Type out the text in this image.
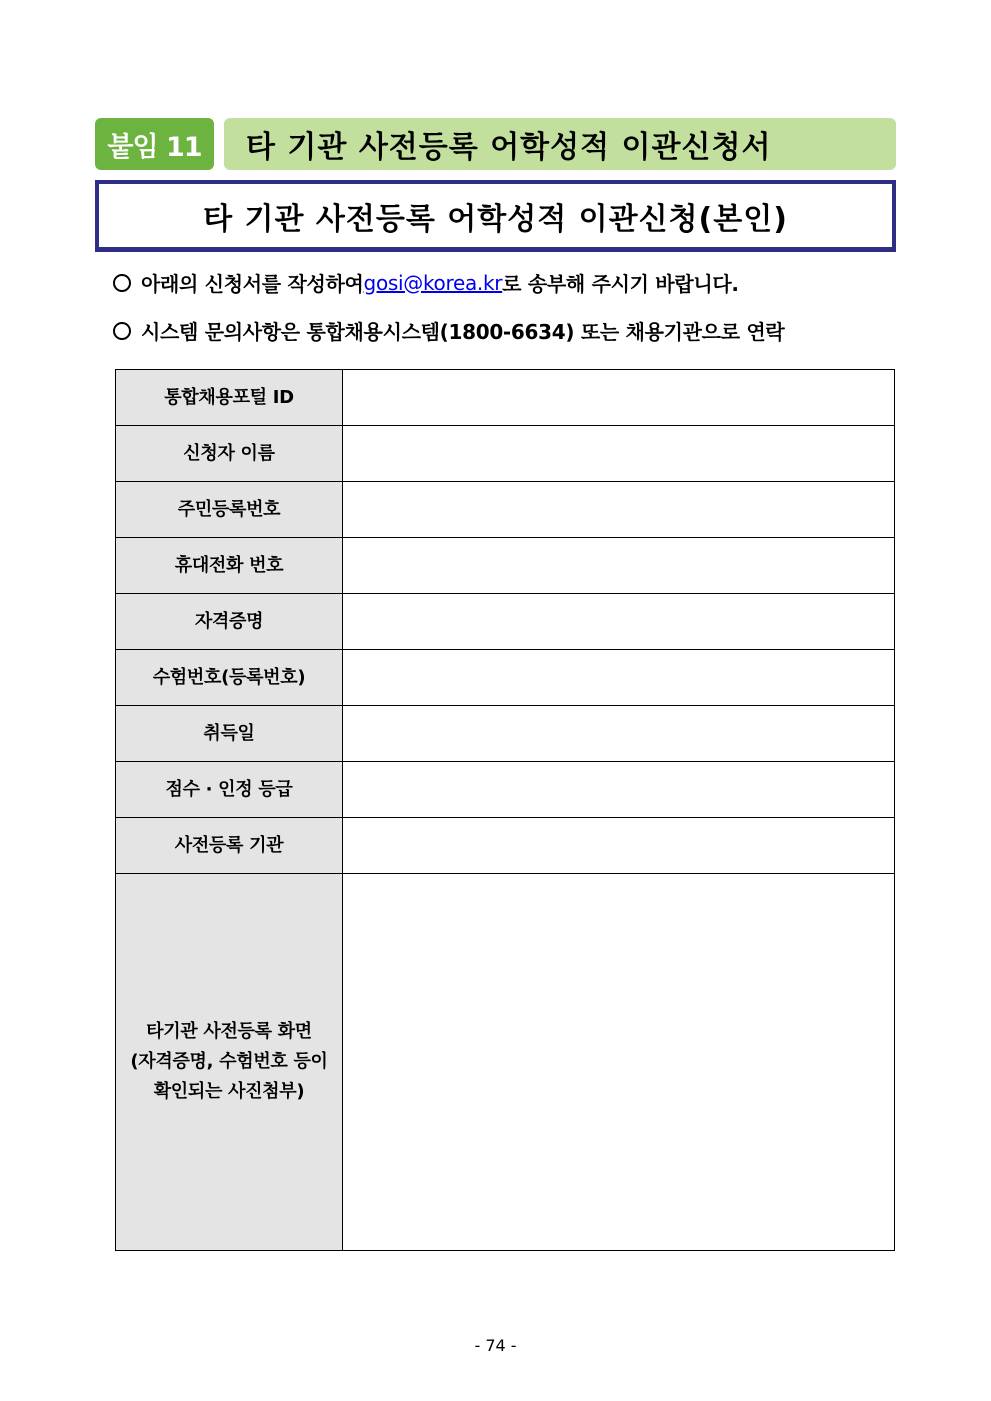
붙임 11	타 기관 사전등록 어학성적 이관신청서
타 기관 사전등록 어학성적 이관신청(본인)
아래의 신청서를 작성하여 gosi@korea.kr 로 송부해 주시기 바랍니다.
시스템 문의사항은 통합채용시스템(1800-6634) 또는 채용기관으로 연락
통합채용포털 ID	
신청자 이름	
주민등록번호	
휴대전화 번호	
자격증명	
수험번호(등록번호)	
취득일	
점수 · 인정 등급	
사전등록 기관	

타기관 사전등록 화면
(자격증명, 수험번호 등이
확인되는 사진첨부)	

- 74 -
